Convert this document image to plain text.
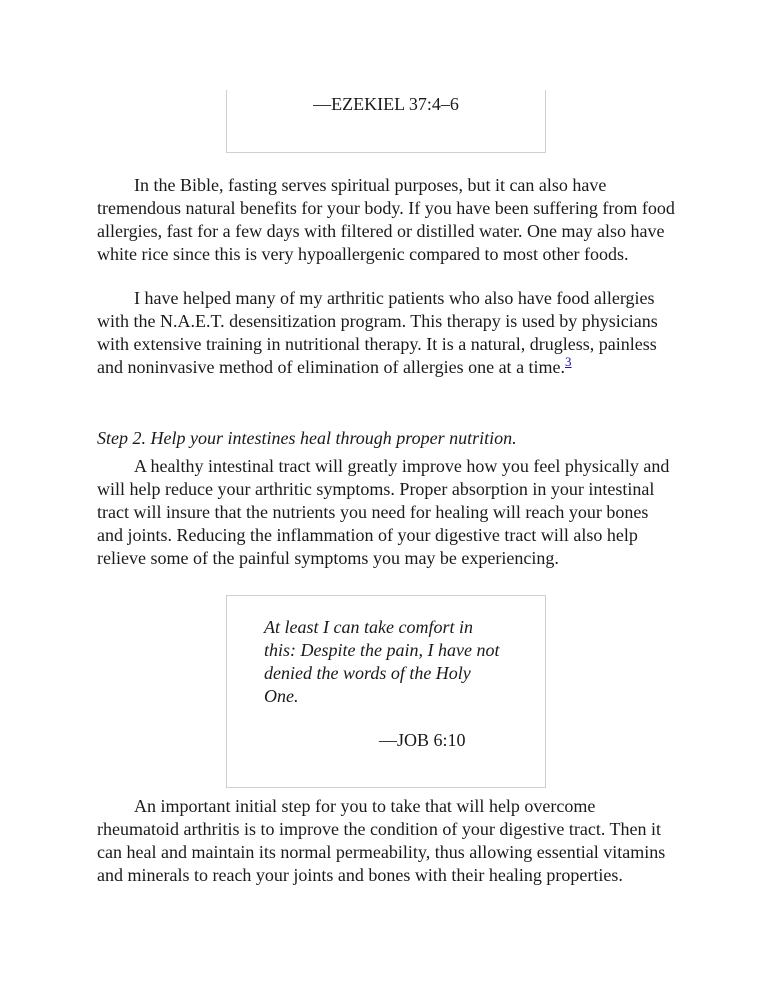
—EZEKIEL 37:4–6

In the Bible, fasting serves spiritual purposes, but it can also have tremendous natural benefits for your body. If you have been suffering from food allergies, fast for a few days with filtered or distilled water. One may also have white rice since this is very hypoallergenic compared to most other foods.

I have helped many of my arthritic patients who also have food allergies with the N.A.E.T. desensitization program. This therapy is used by physicians with extensive training in nutritional therapy. It is a natural, drugless, painless and noninvasive method of elimination of allergies one at a time.$^3$

Step 2. Help your intestines heal through proper nutrition.

A healthy intestinal tract will greatly improve how you feel physically and will help reduce your arthritic symptoms. Proper absorption in your intestinal tract will insure that the nutrients you need for healing will reach your bones and joints. Reducing the inflammation of your digestive tract will also help relieve some of the painful symptoms you may be experiencing.

At least I can take comfort in this: Despite the pain, I have not denied the words of the Holy One.
—JOB 6:10

An important initial step for you to take that will help overcome rheumatoid arthritis is to improve the condition of your digestive tract. Then it can heal and maintain its normal permeability, thus allowing essential vitamins and minerals to reach your joints and bones with their healing properties.
